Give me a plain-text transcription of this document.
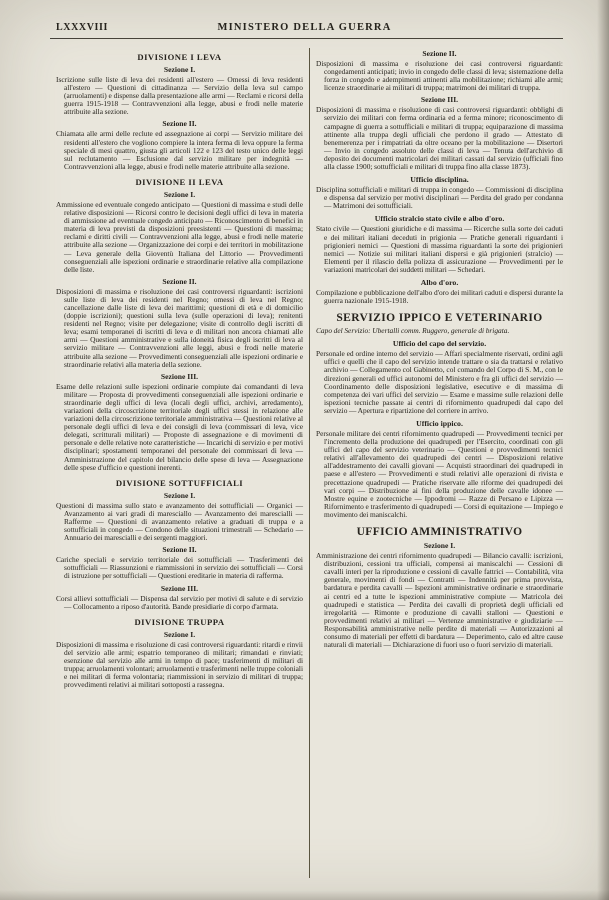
LXXXVIII	MINISTERO DELLA GUERRA
DIVISIONE I LEVA
Sezione I.

Iscrizione sulle liste di leva dei residenti all'estero — Omessi di leva residenti all'estero — Questioni di cittadinanza — Servizio della leva sul campo (arruolamenti) e dispense dalla presentazione alle armi — Reclami e ricorsi della guerra 1915-1918 — Contravvenzioni alla legge, abusi e frodi nelle materie attribuite alla sezione.

Sezione II.

Chiamata alle armi delle reclute ed assegnazione ai corpi — Servizio militare dei residenti all'estero che vogliono compiere la intera ferma di leva oppure la ferma speciale di mesi quattro, giusta gli articoli 122 e 123 del testo unico delle leggi sul reclutamento — Esclusione dal servizio militare per indegnità — Contravvenzioni alla legge, abusi e frodi nelle materie attribuite alla sezione.

DIVISIONE II LEVA
Sezione I.

Ammissione ed eventuale congedo anticipato — Questioni di massima e studi delle relative disposizioni — Ricorsi contro le decisioni degli uffici di leva in materia di ammissione ad eventuale congedo anticipato — Riconoscimento di benefici in materia di leva previsti da disposizioni preesistenti — Questioni di massima; reclami e diritti civili — Contravvenzioni alla legge, abusi e frodi nelle materie attribuite alla sezione — Organizzazione dei corpi e dei territori in mobilitazione — Leva generale della Gioventù Italiana del Littorio — Provvedimenti conseguenziali alle ispezioni ordinarie e straordinarie relative alla compilazione delle liste.

Sezione II.

Disposizioni di massima e risoluzione dei casi controversi riguardanti: iscrizioni sulle liste di leva dei residenti nel Regno; omessi di leva nel Regno; cancellazione dalle liste di leva dei marittimi; questioni di età e di domicilio (doppie iscrizioni); questioni sulla leva (sulle operazioni di leva); renitenti residenti nel Regno; visite per delegazione; visite di controllo degli iscritti di leva; esami temporanei di iscritti di leva e di militari non ancora chiamati alle armi — Questioni amministrative e sulla idoneità fisica degli iscritti di leva al servizio militare — Contravvenzioni alle leggi, abusi e frodi nelle materie attribuite alla sezione — Provvedimenti conseguenziali alle ispezioni ordinarie e straordinarie relativi alla materia della sezione.

Sezione III.

Esame delle relazioni sulle ispezioni ordinarie compiute dai comandanti di leva militare — Proposta di provvedimenti conseguenziali alle ispezioni ordinarie e straordinarie degli uffici di leva (locali degli uffici, archivi, arredamento), variazioni della circoscrizione territoriale degli uffici stessi in relazione alle variazioni della circoscrizione territoriale amministrativa — Questioni relative al personale degli uffici di leva e dei consigli di leva (commissari di leva, vice delegati, scritturali militari) — Proposte di assegnazione e di movimenti di personale e delle relative note caratteristiche — Incarichi di servizio e per motivi disciplinari; spostamenti temporanei del personale dei commissari di leva — Amministrazione del capitolo del bilancio delle spese di leva — Assegnazione delle spese d'ufficio e questioni inerenti.

DIVISIONE SOTTUFFICIALI
Sezione I.

Questioni di massima sullo stato e avanzamento dei sottufficiali — Organici — Avanzamento ai vari gradi di maresciallo — Avanzamento dei marescialli — Rafferme — Questioni di avanzamento relative a graduati di truppa e a sottufficiali in congedo — Condono delle situazioni trimestrali — Schedario — Annuario dei marescialli e dei sergenti maggiori.

Sezione II.

Cariche speciali e servizio territoriale dei sottufficiali — Trasferimenti dei sottufficiali — Riassunzioni e riammissioni in servizio dei sottufficiali — Corsi di istruzione per sottufficiali — Questioni ereditarie in materia di rafferma.

Sezione III.

Corsi allievi sottufficiali — Dispensa dal servizio per motivi di salute e di servizio — Collocamento a riposo d'autorità. Bande presidiarie di corpo d'armata.

DIVISIONE TRUPPA
Sezione I.

Disposizioni di massima e risoluzione di casi controversi riguardanti: ritardi e rinvii del servizio alle armi; espatrio temporaneo di militari; rimandati e rinviati; esenzione dal servizio alle armi in tempo di pace; trasferimenti di militari di truppa; arruolamenti volontari; arruolamenti e trasferimenti nelle truppe coloniali e nei militari di ferma volontaria; riammissioni in servizio di militari di truppa; provvedimenti relativi ai militari sottoposti a rassegna.

Sezione II.

Disposizioni di massima e risoluzione dei casi controversi riguardanti: congedamenti anticipati; invio in congedo delle classi di leva; sistemazione della forza in congedo e adempimenti attinenti alla mobilitazione; richiami alle armi; licenze straordinarie ai militari di truppa; matrimoni dei militari di truppa.

Sezione III.

Disposizioni di massima e risoluzione di casi controversi riguardanti: obblighi di servizio dei militari con ferma ordinaria ed a ferma minore; riconoscimento di campagne di guerra a sottufficiali e militari di truppa; equiparazione di massima attinente alla truppa degli ufficiali che perdono il grado — Attestato di benemerenza per i rimpatriati da oltre oceano per la mobilitazione — Disertori — Invio in congedo assoluto delle classi di leva — Tenuta dell'archivio di deposito dei documenti matricolari dei militari cassati dal servizio (ufficiali fino alla classe 1900; sottufficiali e militari di truppa fino alla classe 1873).

Ufficio disciplina.

Disciplina sottufficiali e militari di truppa in congedo — Commissioni di disciplina e dispensa dal servizio per motivi disciplinari — Perdita del grado per condanna — Matrimoni dei sottufficiali.

Ufficio stralcio stato civile e albo d'oro.

Stato civile — Questioni giuridiche e di massima — Ricerche sulla sorte dei caduti e dei militari italiani deceduti in prigionia — Pratiche generali riguardanti i prigionieri nemici — Questioni di massima riguardanti la sorte dei prigionieri nemici — Notizie sui militari italiani dispersi e già prigionieri (stralcio) — Elementi per il rilascio della polizza di assicurazione — Provvedimenti per le variazioni matricolari dei suddetti militari — Schedari.

Albo d'oro.

Compilazione e pubblicazione dell'albo d'oro dei militari caduti e dispersi durante la guerra nazionale 1915-1918.

SERVIZIO IPPICO E VETERINARIO

Capo del Servizio: Ubertalli comm. Ruggero, generale di brigata.

Ufficio del capo del servizio.

Personale ed ordine interno del servizio — Affari specialmente riservati, ordini agli uffici e quelli che il capo del servizio intende trattare o sia da trattarsi e relativo archivio — Collegamento col Gabinetto, col comando del Corpo di S. M., con le direzioni generali ed uffici autonomi del Ministero e fra gli uffici del servizio — Coordinamento delle disposizioni legislative, esecutive e di massima di competenza dei vari uffici del servizio — Esame e massime sulle relazioni delle ispezioni tecniche passate ai centri di rifornimento quadrupedi dal capo del servizio — Apertura e ripartizione del corriere in arrivo.

Ufficio ippico.

Personale militare dei centri rifornimento quadrupedi — Provvedimenti tecnici per l'incremento della produzione dei quadrupedi per l'Esercito, coordinati con gli uffici del capo del servizio veterinario — Questioni e provvedimenti tecnici relativi all'allevamento dei quadrupedi dei centri — Disposizioni relative all'addestramento dei cavalli giovani — Acquisti straordinari dei quadrupedi in paese e all'estero — Provvedimenti e studi relativi alle operazioni di rivista e precettazione quadrupedi — Pratiche riservate alle riforme dei quadrupedi dei vari corpi — Distribuzione ai fini della produzione delle cavalle idonee — Mostre equine e zootecniche — Ippodromi — Razze di Persano e Lipizza — Rifornimento e trasferimento di quadrupedi — Corsi di equitazione — Impiego e movimento dei maniscalchi.

UFFICIO AMMINISTRATIVO
Sezione I.

Amministrazione dei centri rifornimento quadrupedi — Bilancio cavalli: iscrizioni, distribuzioni, cessioni tra ufficiali, compensi ai maniscalchi — Cessioni di cavalli interi per la riproduzione e cessioni di cavalle fattrici — Contabilità, vita generale, movimenti di fondi — Contratti — Indennità per prima provvista, bardatura e perdita cavalli — Ispezioni amministrative ordinarie e straordinarie ai centri ed a tutte le ispezioni amministrative compiute — Matricola dei quadrupedi e statistica — Perdita dei cavalli di proprietà degli ufficiali ed irregolarità — Rimonte e produzione di cavalli stalloni — Questioni e provvedimenti relativi ai militari — Vertenze amministrative e giudiziarie — Responsabilità amministrative nelle perdite di materiali — Autorizzazioni al consumo di materiali per effetti di bardatura — Deperimento, calo ed altre cause naturali di materiali — Dichiarazione di fuori uso o fuori servizio di materiali.
